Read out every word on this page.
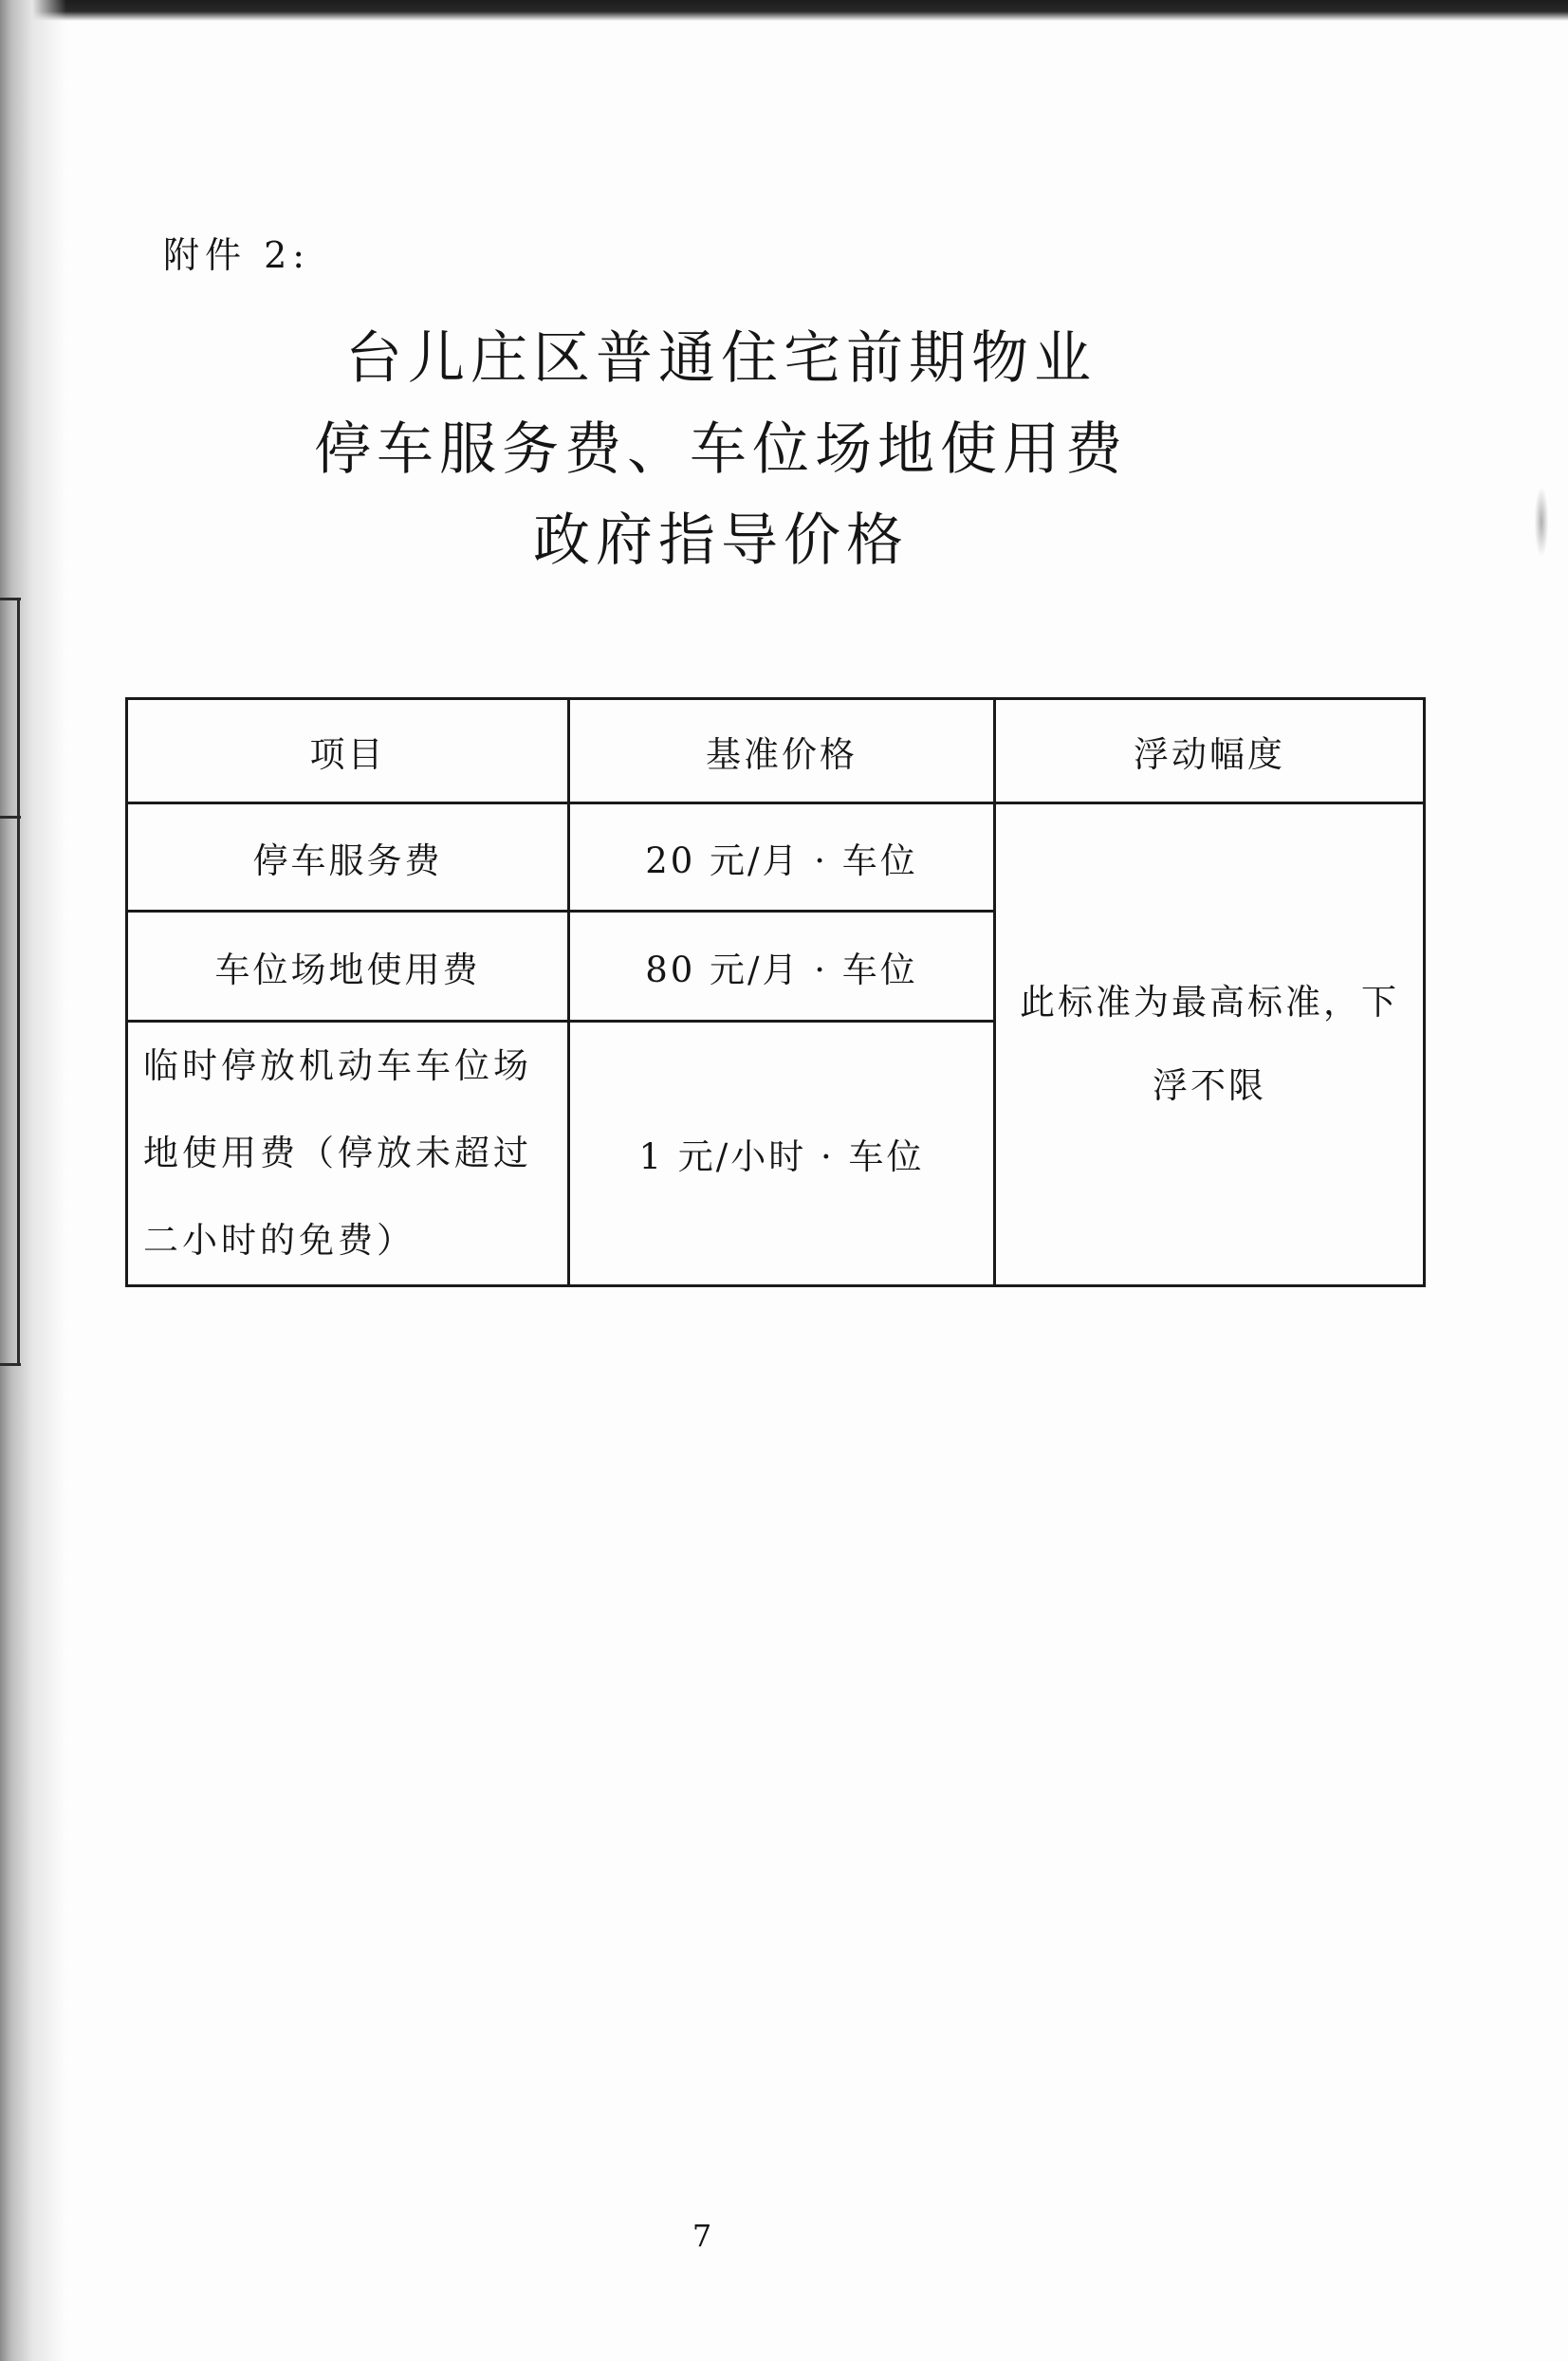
附件 2:
台儿庄区普通住宅前期物业
停车服务费、车位场地使用费
政府指导价格
项目	基准价格	浮动幅度
停车服务费	20 元/月 · 车位	此标准为最高标准，下浮不限
车位场地使用费	80 元/月 · 车位	
临时停放机动车车位场地使用费（停放未超过二小时的免费）	1 元/小时 · 车位	
7
